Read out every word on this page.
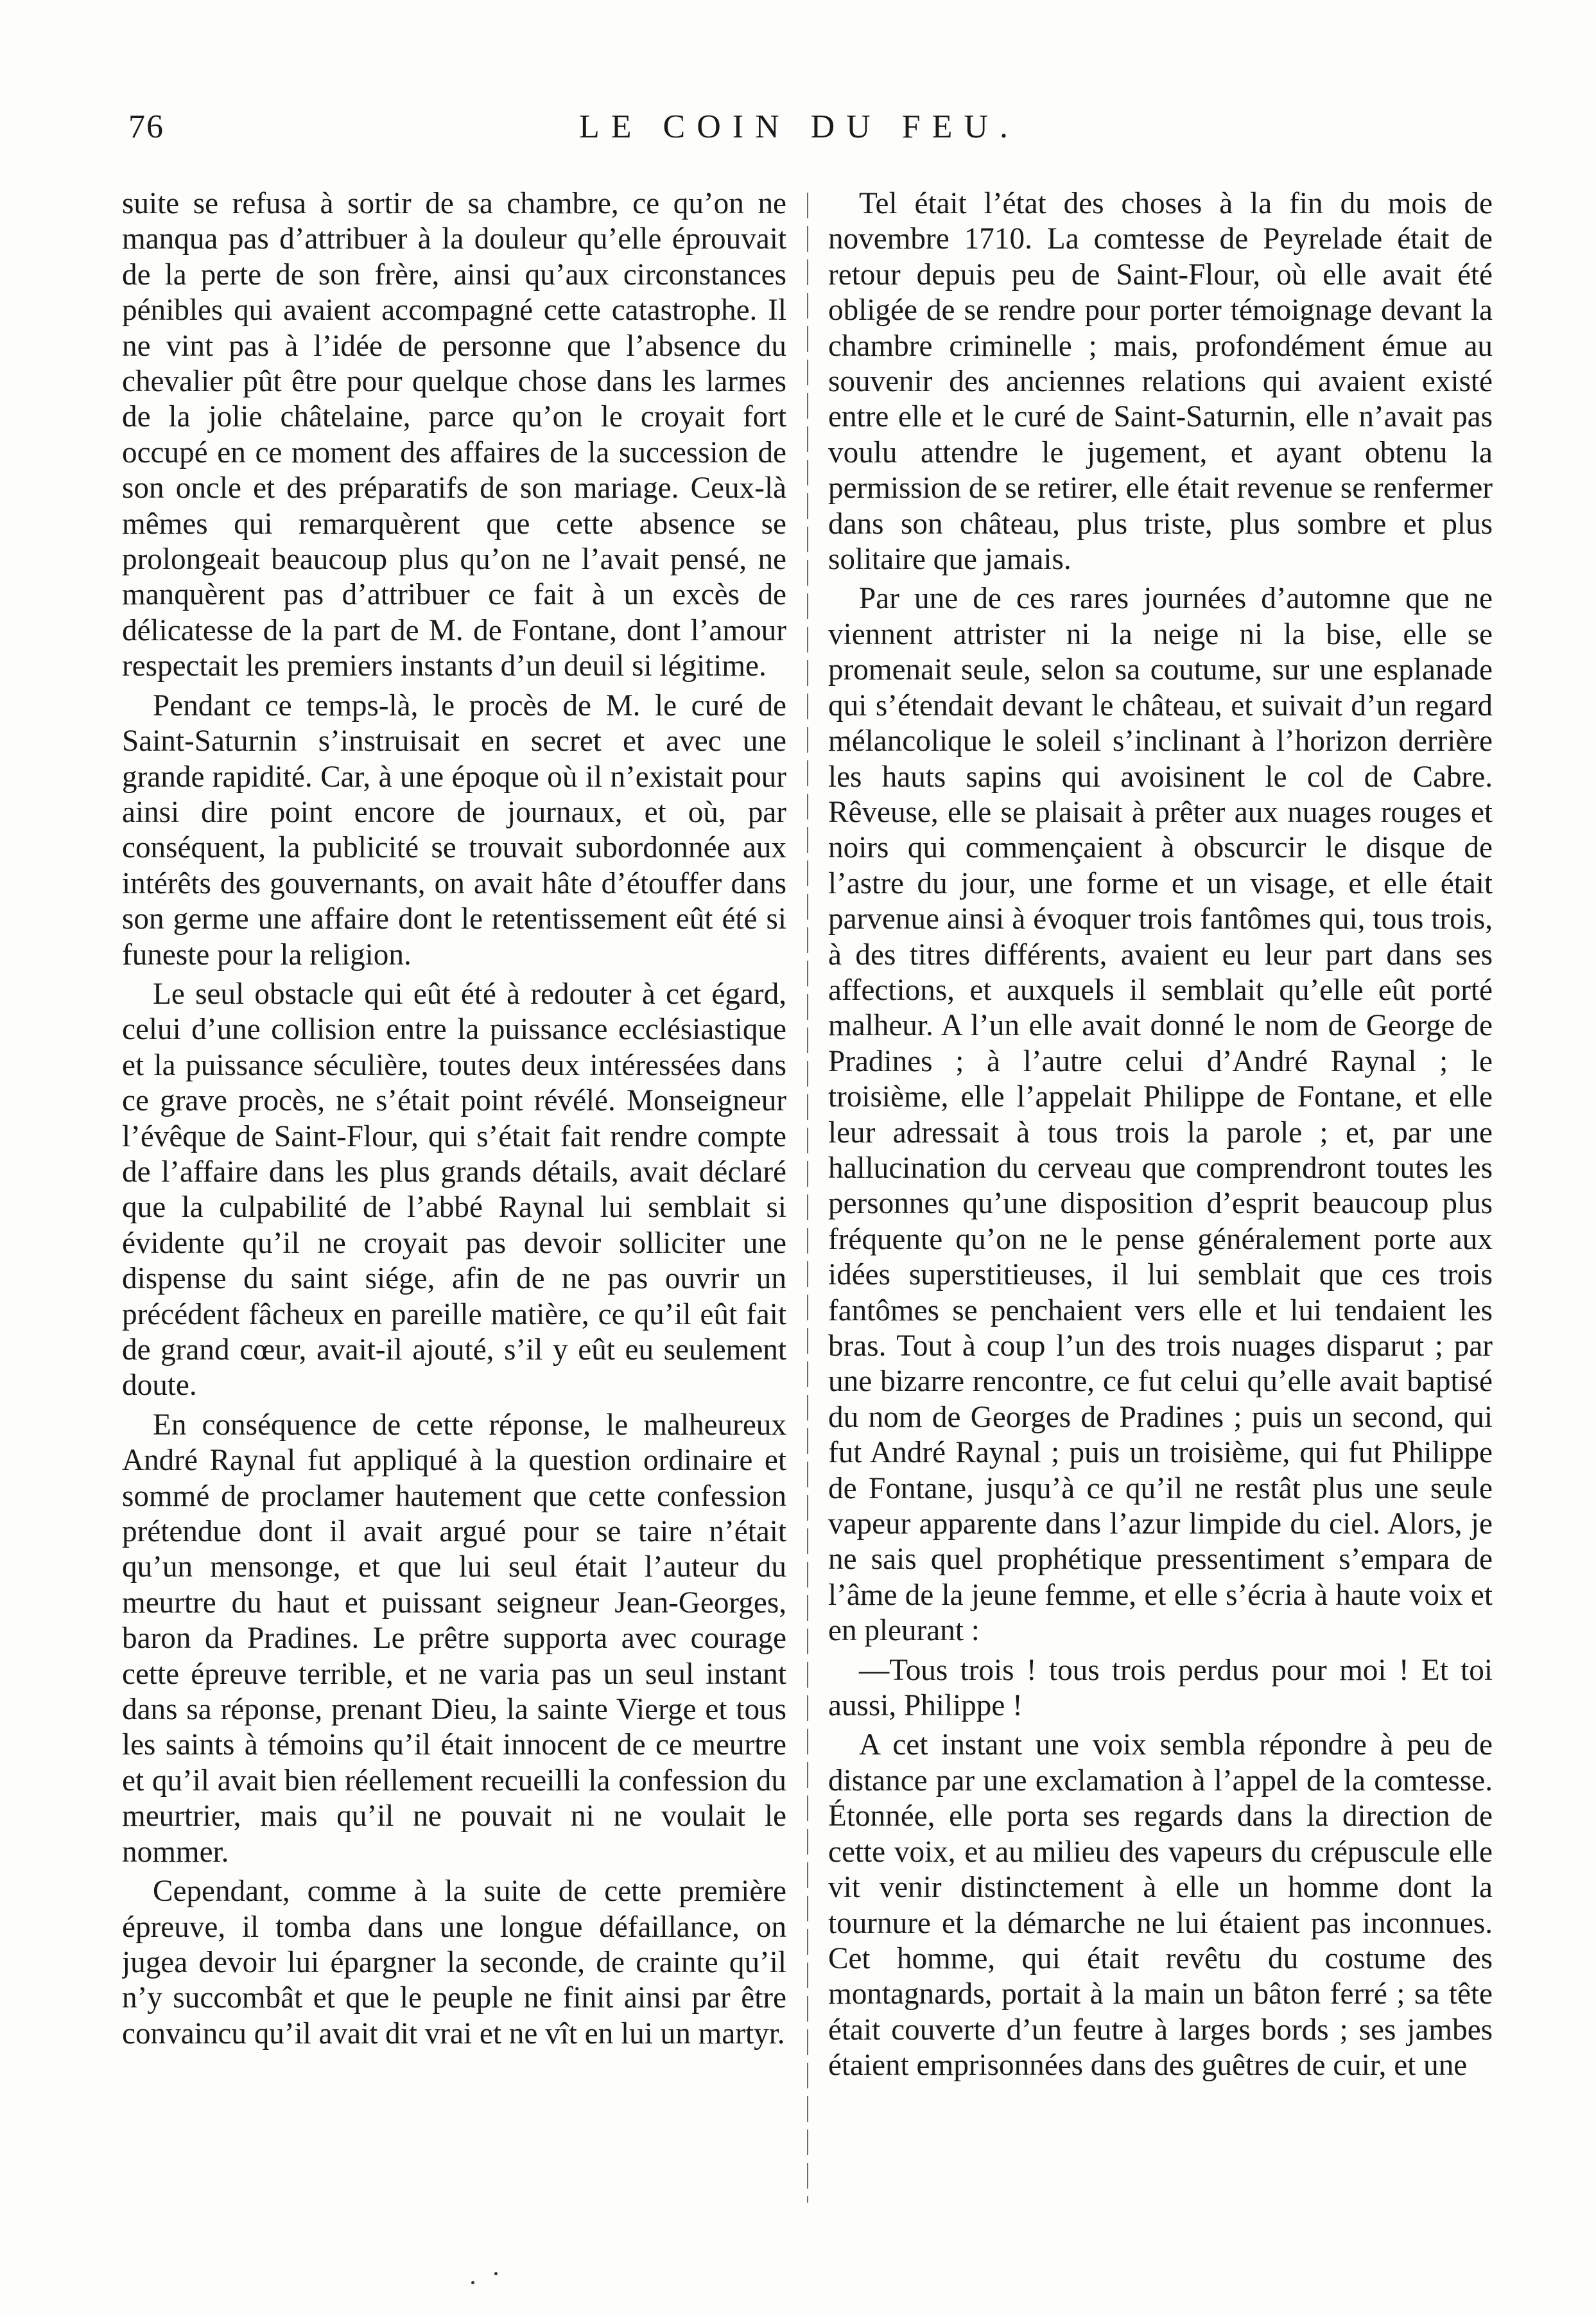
76	LE COIN DU FEU.

suite se refusa à sortir de sa chambre, ce qu’on ne manqua pas d’attribuer à la douleur qu’elle éprouvait de la perte de son frère, ainsi qu’aux circonstances pénibles qui avaient accompagné cette catastrophe. Il ne vint pas à l’idée de personne que l’absence du chevalier pût être pour quelque chose dans les larmes de la jolie châtelaine, parce qu’on le croyait fort occupé en ce moment des affaires de la succession de son oncle et des préparatifs de son mariage. Ceux-là mêmes qui remarquèrent que cette absence se prolongeait beaucoup plus qu’on ne l’avait pensé, ne manquèrent pas d’attribuer ce fait à un excès de délicatesse de la part de M. de Fontane, dont l’amour respectait les premiers instants d’un deuil si légitime.

Pendant ce temps-là, le procès de M. le curé de Saint-Saturnin s’instruisait en secret et avec une grande rapidité. Car, à une époque où il n’existait pour ainsi dire point encore de journaux, et où, par conséquent, la publicité se trouvait subordonnée aux intérêts des gouvernants, on avait hâte d’étouffer dans son germe une affaire dont le retentissement eût été si funeste pour la religion.

Le seul obstacle qui eût été à redouter à cet égard, celui d’une collision entre la puissance ecclésiastique et la puissance séculière, toutes deux intéressées dans ce grave procès, ne s’était point révélé. Monseigneur l’évêque de Saint-Flour, qui s’était fait rendre compte de l’affaire dans les plus grands détails, avait déclaré que la culpabilité de l’abbé Raynal lui semblait si évidente qu’il ne croyait pas devoir solliciter une dispense du saint siége, afin de ne pas ouvrir un précédent fâcheux en pareille matière, ce qu’il eût fait de grand cœur, avait-il ajouté, s’il y eût eu seulement doute.

En conséquence de cette réponse, le malheureux André Raynal fut appliqué à la question ordinaire et sommé de proclamer hautement que cette confession prétendue dont il avait argué pour se taire n’était qu’un mensonge, et que lui seul était l’auteur du meurtre du haut et puissant seigneur Jean-Georges, baron da Pradines. Le prêtre supporta avec courage cette épreuve terrible, et ne varia pas un seul instant dans sa réponse, prenant Dieu, la sainte Vierge et tous les saints à témoins qu’il était innocent de ce meurtre et qu’il avait bien réellement recueilli la confession du meurtrier, mais qu’il ne pouvait ni ne voulait le nommer.

Cependant, comme à la suite de cette première épreuve, il tomba dans une longue défaillance, on jugea devoir lui épargner la seconde, de crainte qu’il n’y succombât et que le peuple ne finit ainsi par être convaincu qu’il avait dit vrai et ne vît en lui un martyr.

Tel était l’état des choses à la fin du mois de novembre 1710. La comtesse de Peyrelade était de retour depuis peu de Saint-Flour, où elle avait été obligée de se rendre pour porter témoignage devant la chambre criminelle ; mais, profondément émue au souvenir des anciennes relations qui avaient existé entre elle et le curé de Saint-Saturnin, elle n’avait pas voulu attendre le jugement, et ayant obtenu la permission de se retirer, elle était revenue se renfermer dans son château, plus triste, plus sombre et plus solitaire que jamais.

Par une de ces rares journées d’automne que ne viennent attrister ni la neige ni la bise, elle se promenait seule, selon sa coutume, sur une esplanade qui s’étendait devant le château, et suivait d’un regard mélancolique le soleil s’inclinant à l’horizon derrière les hauts sapins qui avoisinent le col de Cabre. Rêveuse, elle se plaisait à prêter aux nuages rouges et noirs qui commençaient à obscurcir le disque de l’astre du jour, une forme et un visage, et elle était parvenue ainsi à évoquer trois fantômes qui, tous trois, à des titres différents, avaient eu leur part dans ses affections, et auxquels il semblait qu’elle eût porté malheur. A l’un elle avait donné le nom de George de Pradines ; à l’autre celui d’André Raynal ; le troisième, elle l’appelait Philippe de Fontane, et elle leur adressait à tous trois la parole ; et, par une hallucination du cerveau que comprendront toutes les personnes qu’une disposition d’esprit beaucoup plus fréquente qu’on ne le pense généralement porte aux idées superstitieuses, il lui semblait que ces trois fantômes se penchaient vers elle et lui tendaient les bras. Tout à coup l’un des trois nuages disparut ; par une bizarre rencontre, ce fut celui qu’elle avait baptisé du nom de Georges de Pradines ; puis un second, qui fut André Raynal ; puis un troisième, qui fut Philippe de Fontane, jusqu’à ce qu’il ne restât plus une seule vapeur apparente dans l’azur limpide du ciel. Alors, je ne sais quel prophétique pressentiment s’empara de l’âme de la jeune femme, et elle s’écria à haute voix et en pleurant :

—Tous trois ! tous trois perdus pour moi ! Et toi aussi, Philippe !

A cet instant une voix sembla répondre à peu de distance par une exclamation à l’appel de la comtesse. Étonnée, elle porta ses regards dans la direction de cette voix, et au milieu des vapeurs du crépuscule elle vit venir distinctement à elle un homme dont la tournure et la démarche ne lui étaient pas inconnues. Cet homme, qui était revêtu du costume des montagnards, portait à la main un bâton ferré ; sa tête était couverte d’un feutre à larges bords ; ses jambes étaient emprisonnées dans des guêtres de cuir, et une
